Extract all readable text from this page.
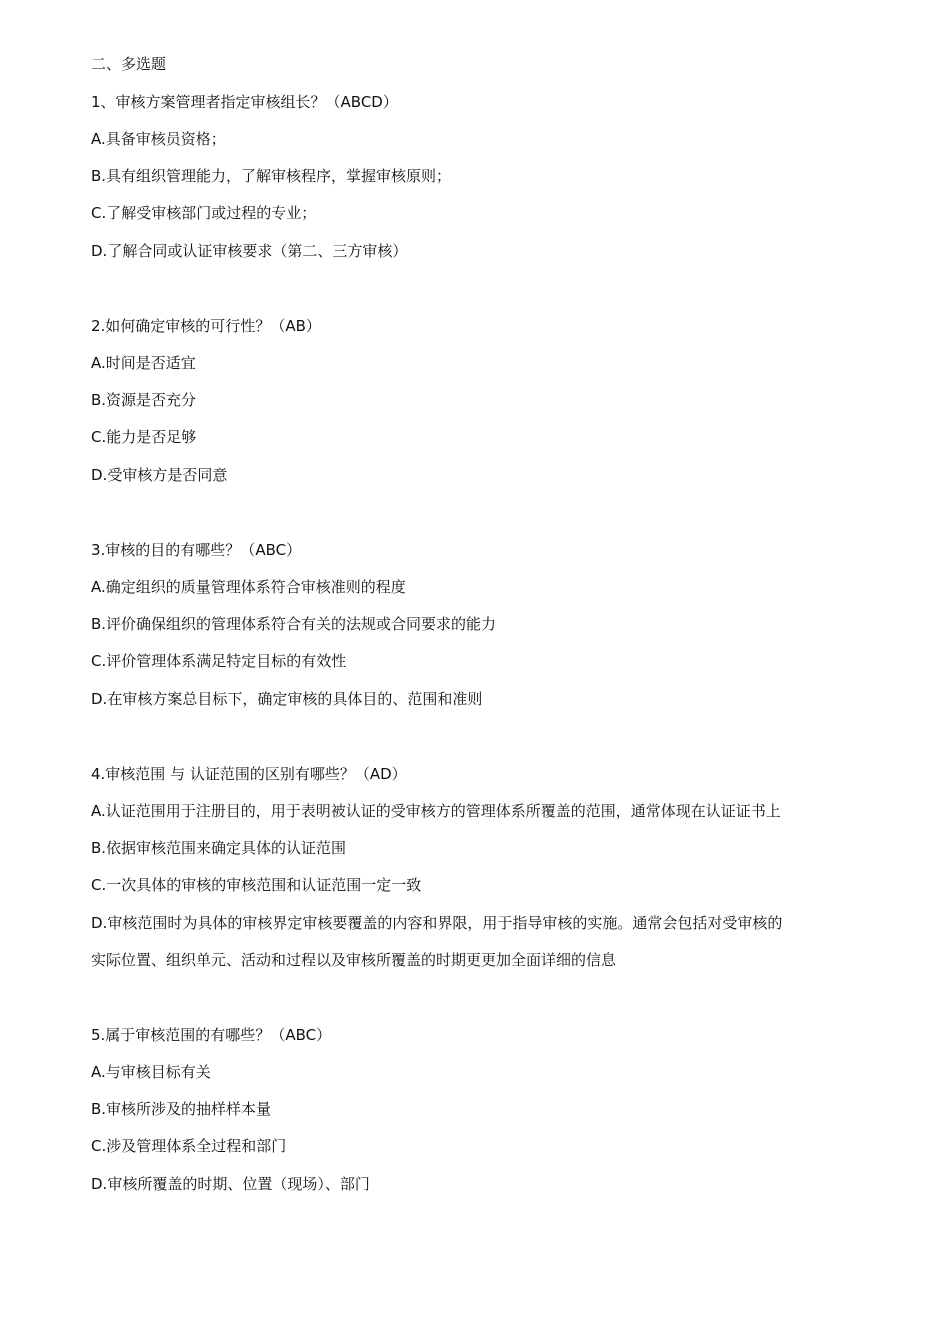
二、多选题
1、审核方案管理者指定审核组长？（ABCD）
A.具备审核员资格；
B.具有组织管理能力，了解审核程序，掌握审核原则；
C.了解受审核部门或过程的专业；
D.了解合同或认证审核要求（第二、三方审核）
2.如何确定审核的可行性？（AB）
A.时间是否适宜
B.资源是否充分
C.能力是否足够
D.受审核方是否同意
3.审核的目的有哪些？（ABC）
A.确定组织的质量管理体系符合审核准则的程度
B.评价确保组织的管理体系符合有关的法规或合同要求的能力
C.评价管理体系满足特定目标的有效性
D.在审核方案总目标下，确定审核的具体目的、范围和准则
4.审核范围 与 认证范围的区别有哪些？（AD）
A.认证范围用于注册目的，用于表明被认证的受审核方的管理体系所覆盖的范围，通常体现在认证证书上
B.依据审核范围来确定具体的认证范围
C.一次具体的审核的审核范围和认证范围一定一致
D.审核范围时为具体的审核界定审核要覆盖的内容和界限，用于指导审核的实施。通常会包括对受审核的
实际位置、组织单元、活动和过程以及审核所覆盖的时期更更加全面详细的信息
5.属于审核范围的有哪些？（ABC）
A.与审核目标有关
B.审核所涉及的抽样样本量
C.涉及管理体系全过程和部门
D.审核所覆盖的时期、位置（现场）、部门
